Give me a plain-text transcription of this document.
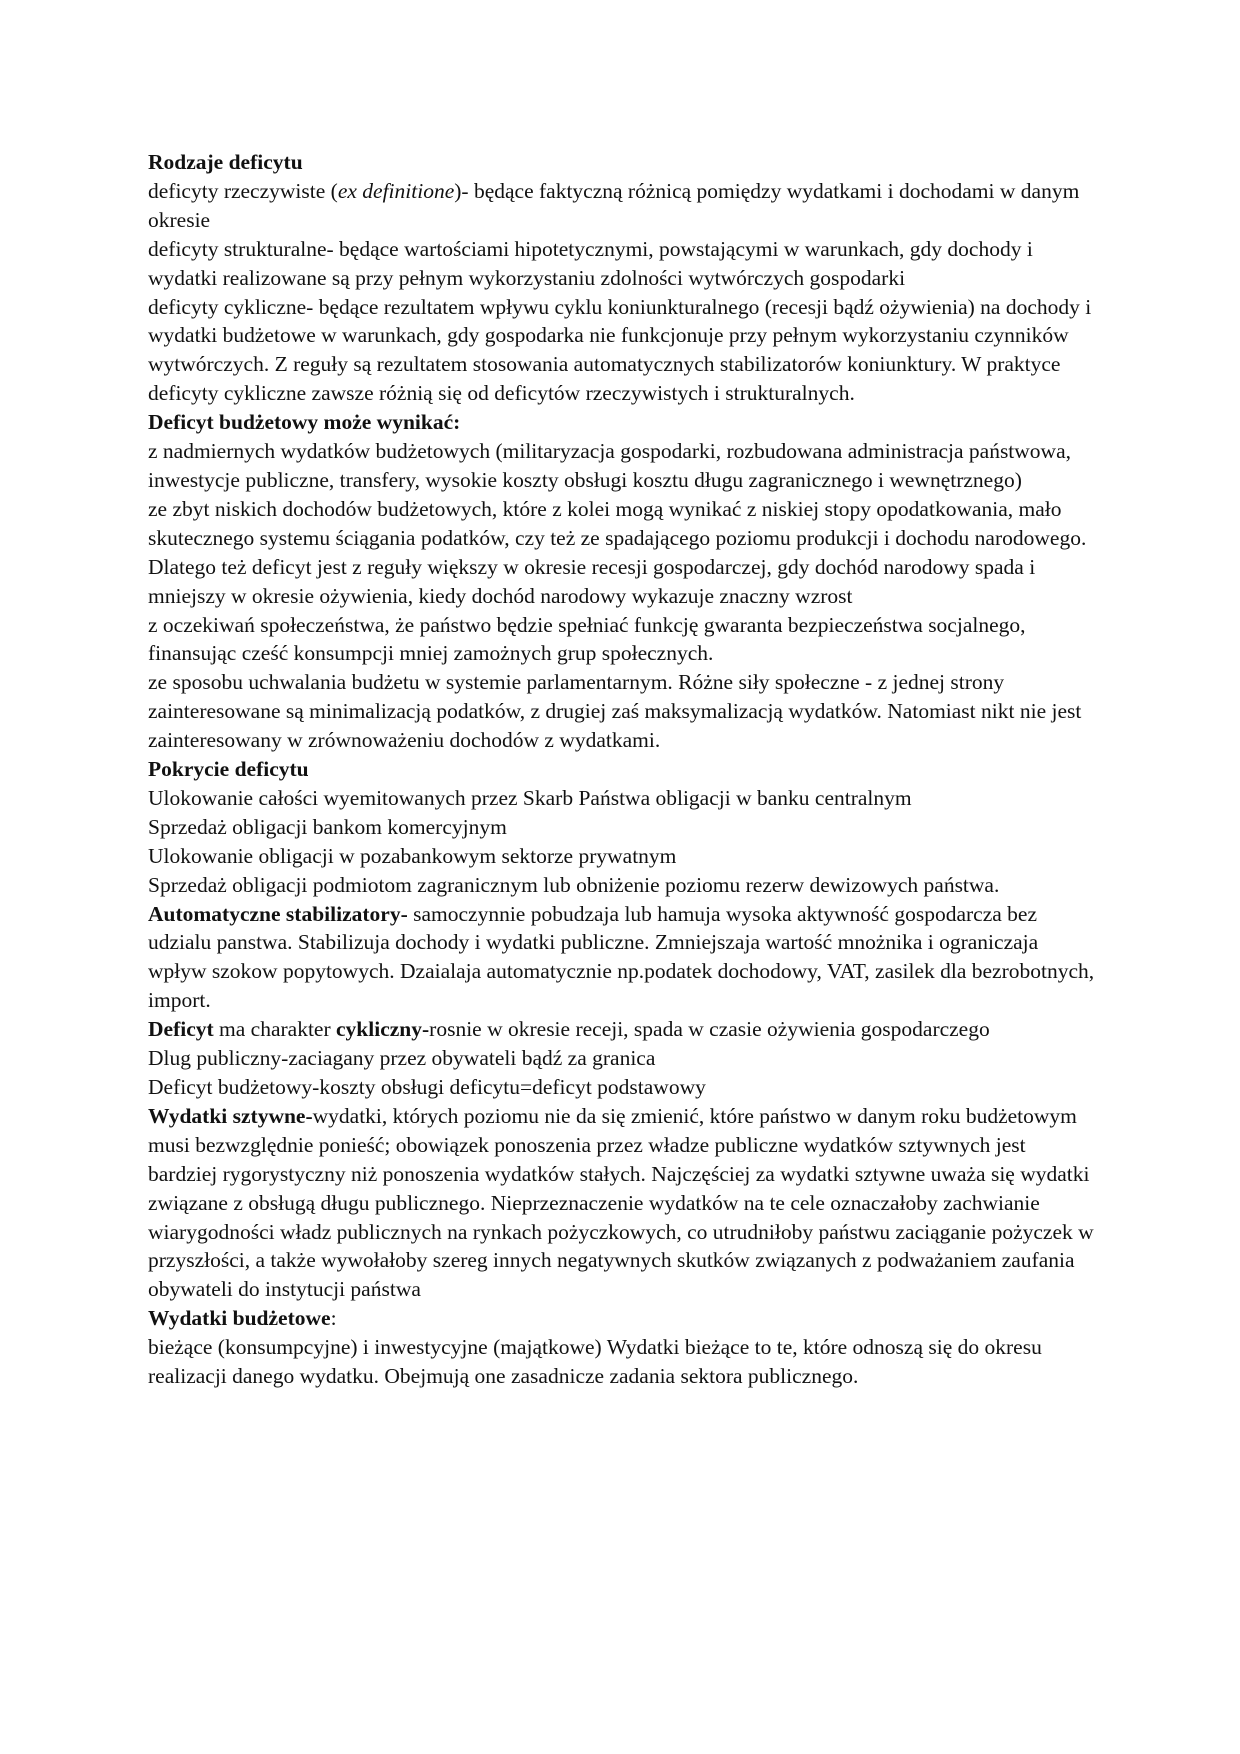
Rodzaje deficytu

deficyty rzeczywiste (ex definitione)- będące faktyczną różnicą pomiędzy wydatkami i dochodami w danym okresie

deficyty strukturalne- będące wartościami hipotetycznymi, powstającymi w warunkach, gdy dochody i wydatki realizowane są przy pełnym wykorzystaniu zdolności wytwórczych gospodarki

deficyty cykliczne- będące rezultatem wpływu cyklu koniunkturalnego (recesji bądź ożywienia) na dochody i wydatki budżetowe w warunkach, gdy gospodarka nie funkcjonuje przy pełnym wykorzystaniu czynników wytwórczych. Z reguły są rezultatem stosowania automatycznych stabilizatorów koniunktury. W praktyce deficyty cykliczne zawsze różnią się od deficytów rzeczywistych i strukturalnych.

Deficyt budżetowy może wynikać:

z nadmiernych wydatków budżetowych (militaryzacja gospodarki, rozbudowana administracja państwowa, inwestycje publiczne, transfery, wysokie koszty obsługi kosztu długu zagranicznego i wewnętrznego)

ze zbyt niskich dochodów budżetowych, które z kolei mogą wynikać z niskiej stopy opodatkowania, mało skutecznego systemu ściągania podatków, czy też ze spadającego poziomu produkcji i dochodu narodowego. Dlatego też deficyt jest z reguły większy w okresie recesji gospodarczej, gdy dochód narodowy spada i mniejszy w okresie ożywienia, kiedy dochód narodowy wykazuje znaczny wzrost

z oczekiwań społeczeństwa, że państwo będzie spełniać funkcję gwaranta bezpieczeństwa socjalnego, finansując cześć konsumpcji mniej zamożnych grup społecznych.

ze sposobu uchwalania budżetu w systemie parlamentarnym. Różne siły społeczne - z jednej strony zainteresowane są minimalizacją podatków, z drugiej zaś maksymalizacją wydatków. Natomiast nikt nie jest zainteresowany w zrównoważeniu dochodów z wydatkami.

Pokrycie deficytu

Ulokowanie całości wyemitowanych przez Skarb Państwa obligacji w banku centralnym

Sprzedaż obligacji bankom komercyjnym

Ulokowanie obligacji w pozabankowym sektorze prywatnym

Sprzedaż obligacji podmiotom zagranicznym lub obniżenie poziomu rezerw dewizowych państwa.

Automatyczne stabilizatory- samoczynnie pobudzaja lub hamuja wysoka aktywność gospodarcza bez udzialu panstwa. Stabilizuja dochody i wydatki publiczne. Zmniejszaja wartość mnożnika i ograniczaja wpływ szokow popytowych. Dzaialaja automatycznie np.podatek dochodowy, VAT, zasilek dla bezrobotnych, import.

Deficyt ma charakter cykliczny-rosnie w okresie receji, spada w czasie ożywienia gospodarczego

Dlug publiczny-zaciagany przez obywateli bądź za granica

Deficyt budżetowy-koszty obsługi deficytu=deficyt podstawowy

Wydatki sztywne-wydatki, których poziomu nie da się zmienić, które państwo w danym roku budżetowym musi bezwzględnie ponieść; obowiązek ponoszenia przez władze publiczne wydatków sztywnych jest bardziej rygorystyczny niż ponoszenia wydatków stałych. Najczęściej za wydatki sztywne uważa się wydatki związane z obsługą długu publicznego. Nieprzeznaczenie wydatków na te cele oznaczałoby zachwianie wiarygodności władz publicznych na rynkach pożyczkowych, co utrudniłoby państwu zaciąganie pożyczek w przyszłości, a także wywołałoby szereg innych negatywnych skutków związanych z podważaniem zaufania obywateli do instytucji państwa

Wydatki budżetowe:

bieżące (konsumpcyjne) i inwestycyjne (majątkowe) Wydatki bieżące to te, które odnoszą się do okresu realizacji danego wydatku. Obejmują one zasadnicze zadania sektora publicznego.
